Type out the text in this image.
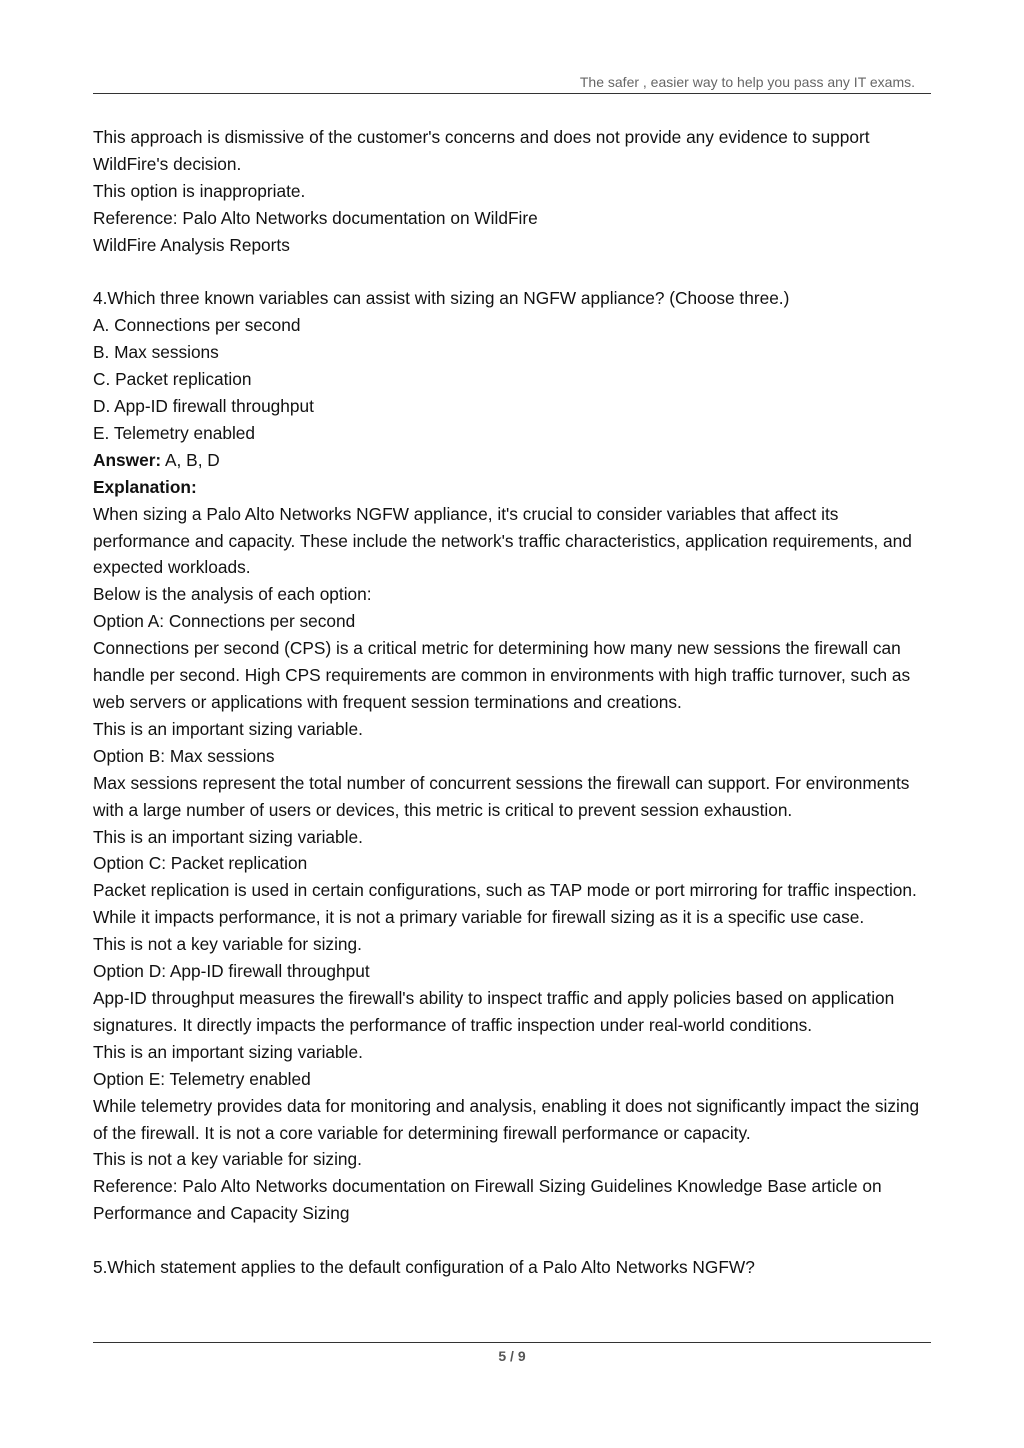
The safer , easier way to help you pass any IT exams.

This approach is dismissive of the customer's concerns and does not provide any evidence to support WildFire's decision.

This option is inappropriate.

Reference: Palo Alto Networks documentation on WildFire

WildFire Analysis Reports

4.Which three known variables can assist with sizing an NGFW appliance? (Choose three.)

A. Connections per second

B. Max sessions

C. Packet replication

D. App-ID firewall throughput

E. Telemetry enabled

Answer: A, B, D

Explanation:

When sizing a Palo Alto Networks NGFW appliance, it's crucial to consider variables that affect its performance and capacity. These include the network's traffic characteristics, application requirements, and expected workloads.

Below is the analysis of each option:

Option A: Connections per second

Connections per second (CPS) is a critical metric for determining how many new sessions the firewall can handle per second. High CPS requirements are common in environments with high traffic turnover, such as web servers or applications with frequent session terminations and creations.

This is an important sizing variable.

Option B: Max sessions

Max sessions represent the total number of concurrent sessions the firewall can support. For environments with a large number of users or devices, this metric is critical to prevent session exhaustion.

This is an important sizing variable.

Option C: Packet replication

Packet replication is used in certain configurations, such as TAP mode or port mirroring for traffic inspection. While it impacts performance, it is not a primary variable for firewall sizing as it is a specific use case.

This is not a key variable for sizing.

Option D: App-ID firewall throughput

App-ID throughput measures the firewall's ability to inspect traffic and apply policies based on application signatures. It directly impacts the performance of traffic inspection under real-world conditions.

This is an important sizing variable.

Option E: Telemetry enabled

While telemetry provides data for monitoring and analysis, enabling it does not significantly impact the sizing of the firewall. It is not a core variable for determining firewall performance or capacity.

This is not a key variable for sizing.

Reference: Palo Alto Networks documentation on Firewall Sizing Guidelines Knowledge Base article on Performance and Capacity Sizing

5.Which statement applies to the default configuration of a Palo Alto Networks NGFW?

5 / 9
